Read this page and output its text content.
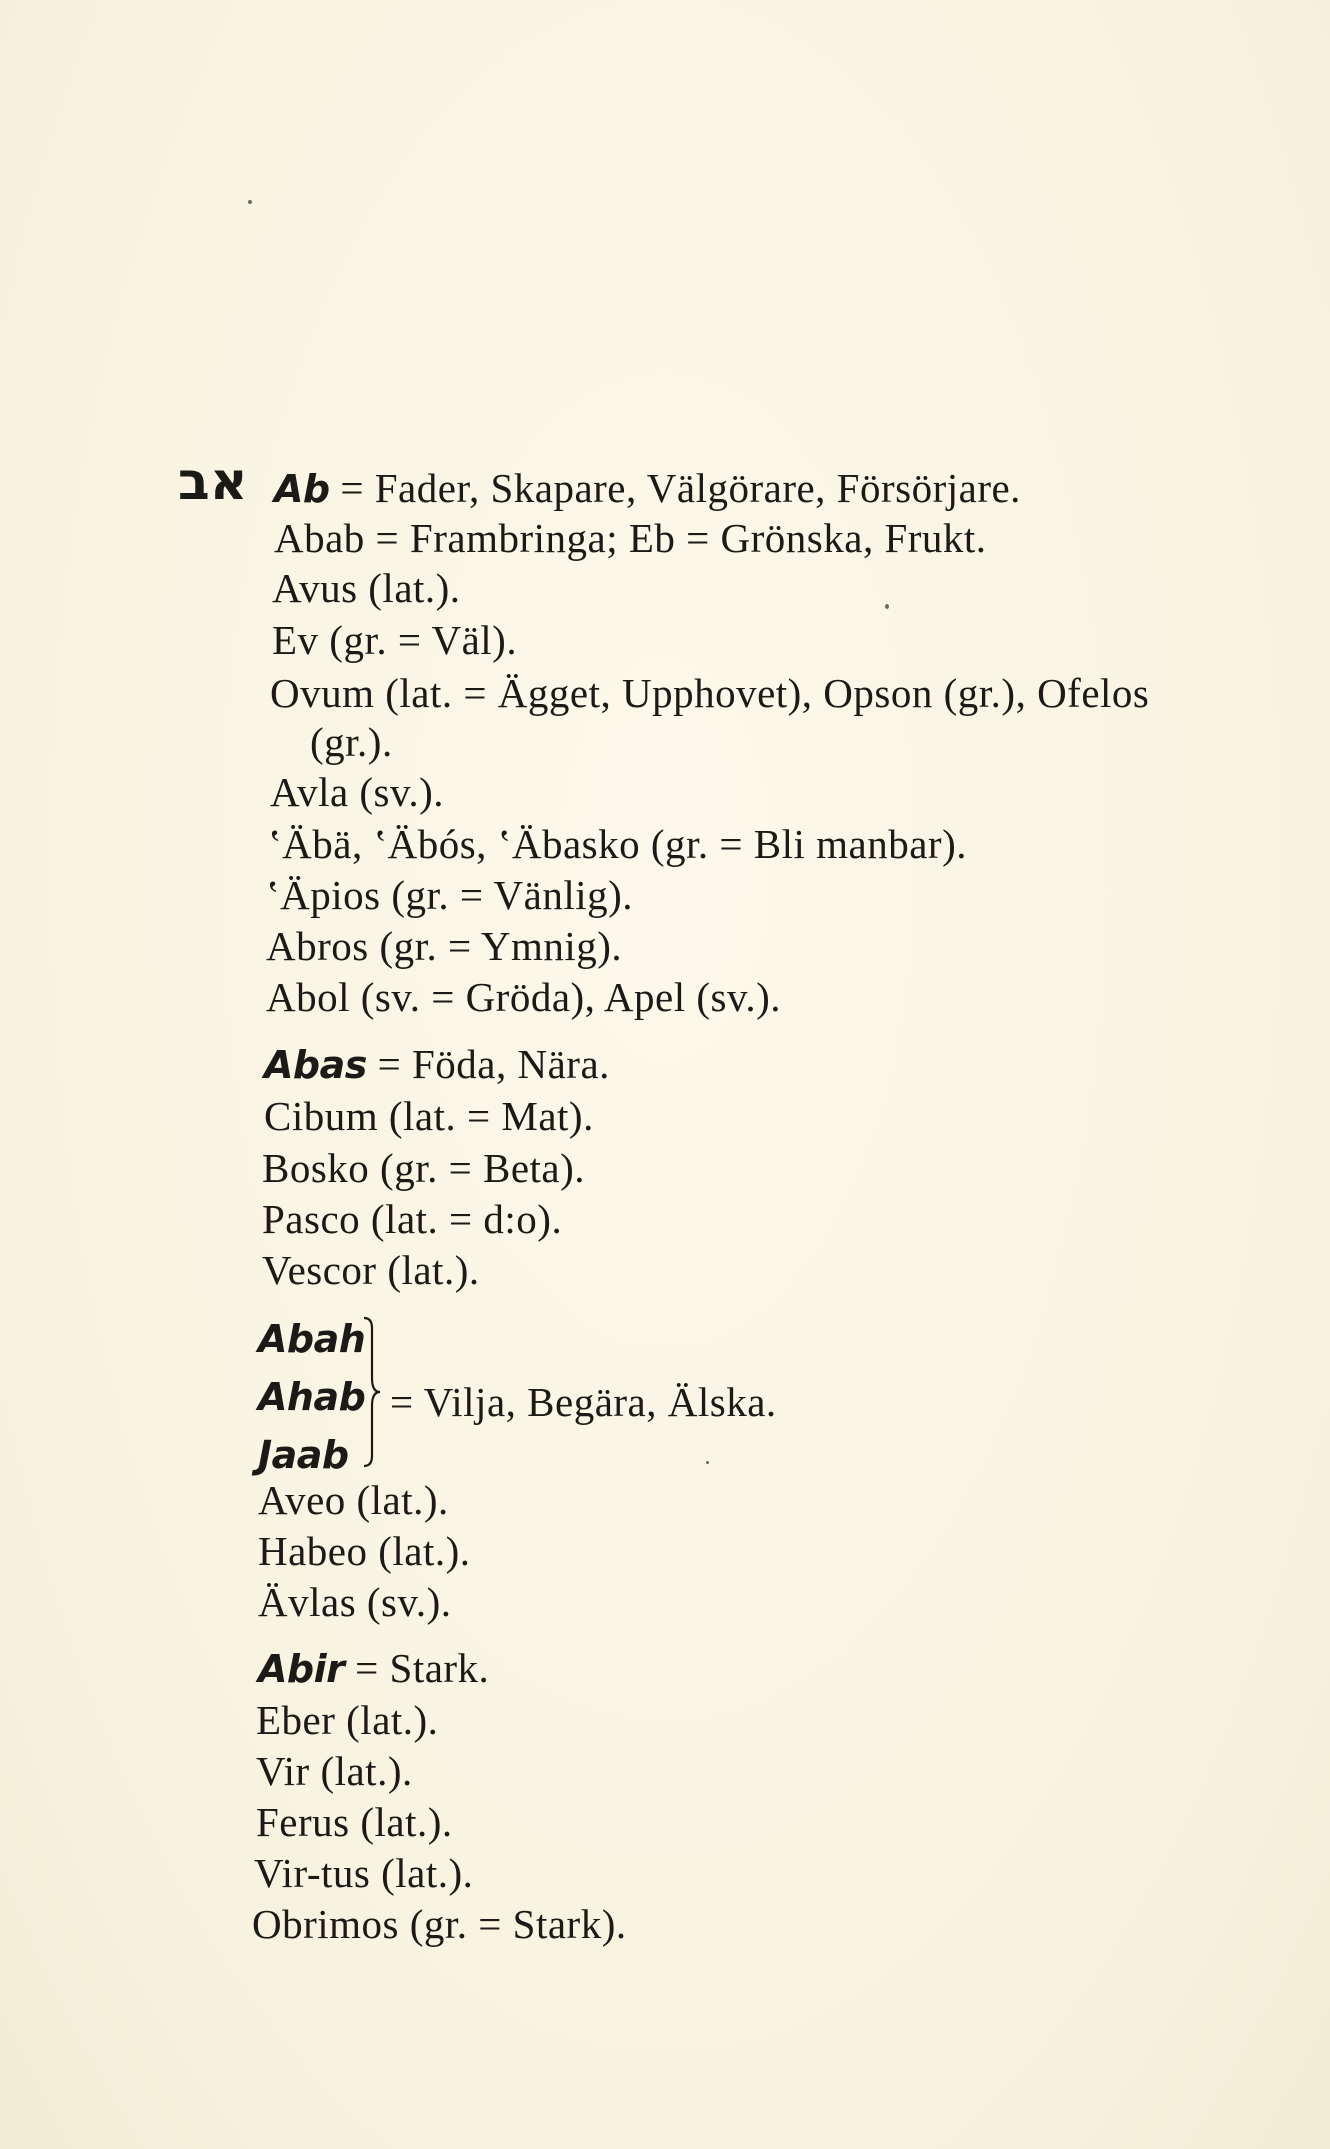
אב Ab = Fader, Skapare, Välgörare, Försörjare.
Abab = Frambringa; Eb = Grönska, Frukt.
Avus (lat.).
Ev (gr. = Väl).
Ovum (lat. = Ägget, Upphovet), Opson (gr.), Ofelos
(gr.).
Avla (sv.).
ʽÄbä, ʽÄbós, ʽÄbasko (gr. = Bli manbar).
ʽÄpios (gr. = Vänlig).
Abros (gr. = Ymnig).
Abol (sv. = Gröda), Apel (sv.).
Abas = Föda, Nära.
Cibum (lat. = Mat).
Bosko (gr. = Beta).
Pasco (lat. = d:o).
Vescor (lat.).
Abah
Ahab
Jaab
= Vilja, Begära, Älska.
Aveo (lat.).
Habeo (lat.).
Ävlas (sv.).
Abir = Stark.
Eber (lat.).
Vir (lat.).
Ferus (lat.).
Vir-tus (lat.).
Obrimos (gr. = Stark).
